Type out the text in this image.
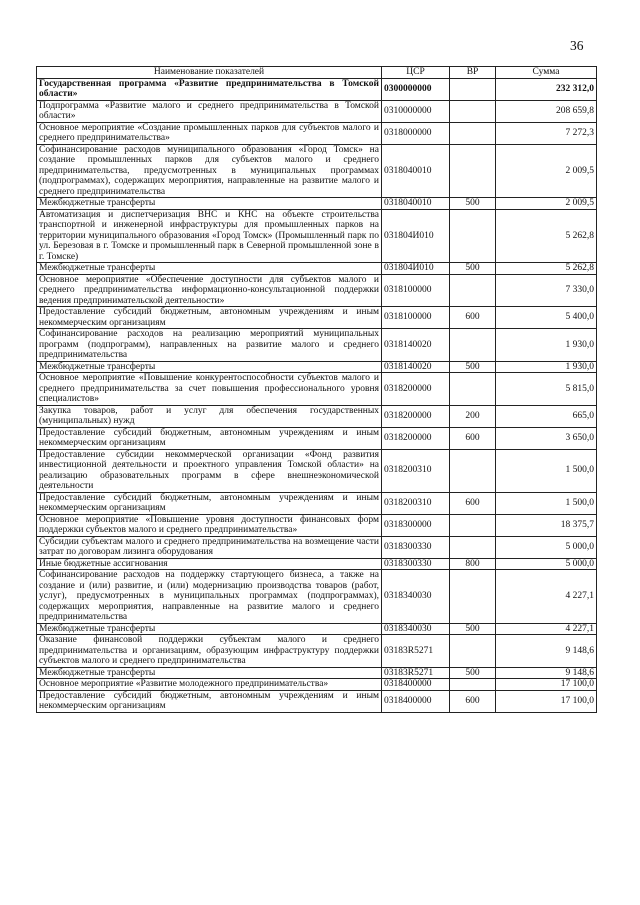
36
Наименование показателей	ЦСР	ВР	Сумма
Государственная программа «Развитие предпринимательства в Томской области»	0300000000		232 312,0
Подпрограмма «Развитие малого и среднего предпринимательства в Томской области»	0310000000		208 659,8
Основное мероприятие «Создание промышленных парков для субъектов малого и среднего предпринимательства»	0318000000		7 272,3
Софинансирование расходов муниципального образования «Город Томск» на создание промышленных парков для субъектов малого и среднего предпринимательства, предусмотренных в муниципальных программах (подпрограммах), содержащих мероприятия, направленные на развитие малого и среднего предпринимательства	0318040010		2 009,5
Межбюджетные трансферты	0318040010	500	2 009,5
Автоматизация и диспетчеризация ВНС и КНС на объекте строительства транспортной и инженерной инфраструктуры для промышленных парков на территории муниципального образования «Город Томск» (Промышленный парк по ул. Березовая в г. Томске и промышленный парк в Северной промышленной зоне в г. Томске)	031804И010		5 262,8
Межбюджетные трансферты	031804И010	500	5 262,8
Основное мероприятие «Обеспечение доступности для субъектов малого и среднего предпринимательства информационно-консультационной поддержки ведения предпринимательской деятельности»	0318100000		7 330,0
Предоставление субсидий бюджетным, автономным учреждениям и иным некоммерческим организациям	0318100000	600	5 400,0
Софинансирование расходов на реализацию мероприятий муниципальных программ (подпрограмм), направленных на развитие малого и среднего предпринимательства	0318140020		1 930,0
Межбюджетные трансферты	0318140020	500	1 930,0
Основное мероприятие «Повышение конкурентоспособности субъектов малого и среднего предпринимательства за счет повышения профессионального уровня специалистов»	0318200000		5 815,0
Закупка товаров, работ и услуг для обеспечения государственных (муниципальных) нужд	0318200000	200	665,0
Предоставление субсидий бюджетным, автономным учреждениям и иным некоммерческим организациям	0318200000	600	3 650,0
Предоставление субсидии некоммерческой организации «Фонд развития инвестиционной деятельности и проектного управления Томской области» на реализацию образовательных программ в сфере внешнеэкономической деятельности	0318200310		1 500,0
Предоставление субсидий бюджетным, автономным учреждениям и иным некоммерческим организациям	0318200310	600	1 500,0
Основное мероприятие «Повышение уровня доступности финансовых форм поддержки субъектов малого и среднего предпринимательства»	0318300000		18 375,7
Субсидии субъектам малого и среднего предпринимательства на возмещение части затрат по договорам лизинга оборудования	0318300330		5 000,0
Иные бюджетные ассигнования	0318300330	800	5 000,0
Софинансирование расходов на поддержку стартующего бизнеса, а также на создание и (или) развитие, и (или) модернизацию производства товаров (работ, услуг), предусмотренных в муниципальных программах (подпрограммах), содержащих мероприятия, направленные на развитие малого и среднего предпринимательства	0318340030		4 227,1
Межбюджетные трансферты	0318340030	500	4 227,1
Оказание финансовой поддержки субъектам малого и среднего предпринимательства и организациям, образующим инфраструктуру поддержки субъектов малого и среднего предпринимательства	03183R5271		9 148,6
Межбюджетные трансферты	03183R5271	500	9 148,6
Основное мероприятие «Развитие молодежного предпринимательства»	0318400000		17 100,0
Предоставление субсидий бюджетным, автономным учреждениям и иным некоммерческим организациям	0318400000	600	17 100,0
